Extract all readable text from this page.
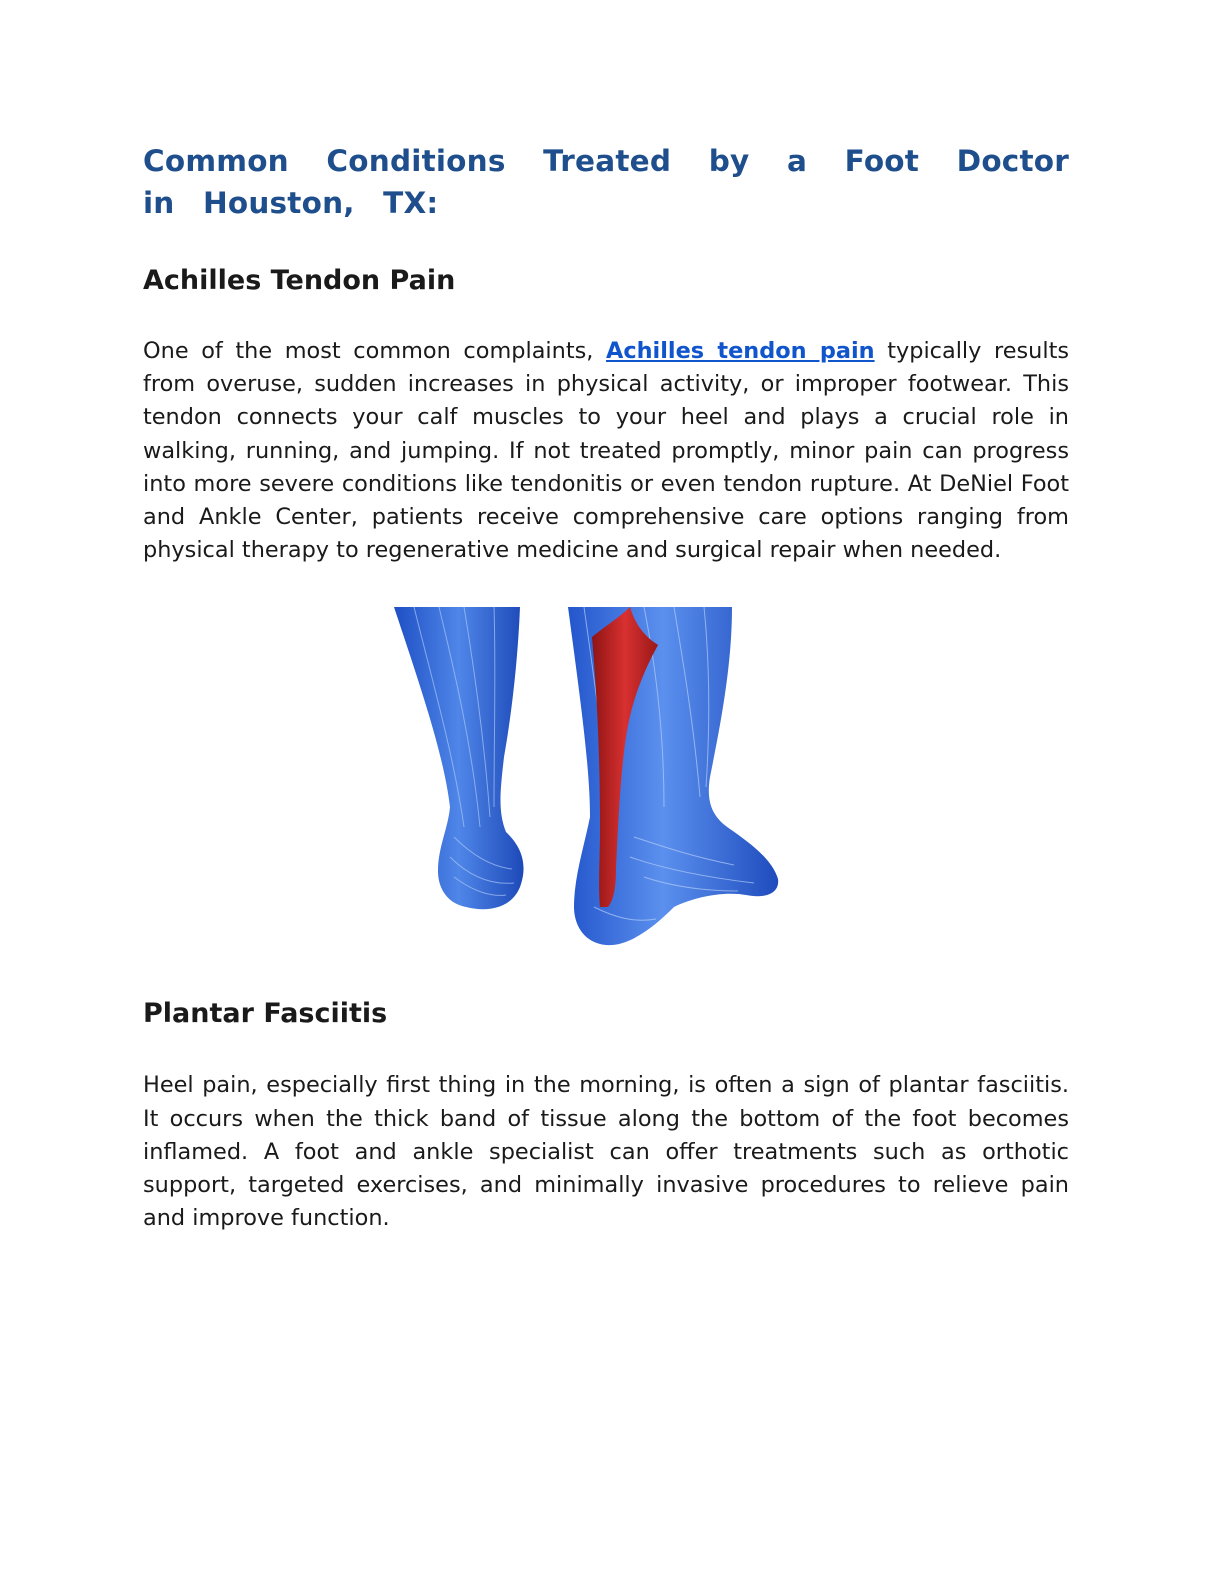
Common Conditions Treated by a Foot Doctor in Houston, TX:
Achilles Tendon Pain

One of the most common complaints, Achilles tendon pain typically results from overuse, sudden increases in physical activity, or improper footwear. This tendon connects your calf muscles to your heel and plays a crucial role in walking, running, and jumping. If not treated promptly, minor pain can progress into more severe conditions like tendonitis or even tendon rupture. At DeNiel Foot and Ankle Center, patients receive comprehensive care options ranging from physical therapy to regenerative medicine and surgical repair when needed.

Plantar Fasciitis

Heel pain, especially first thing in the morning, is often a sign of plantar fasciitis. It occurs when the thick band of tissue along the bottom of the foot becomes inflamed. A foot and ankle specialist can offer treatments such as orthotic support, targeted exercises, and minimally invasive procedures to relieve pain and improve function.
